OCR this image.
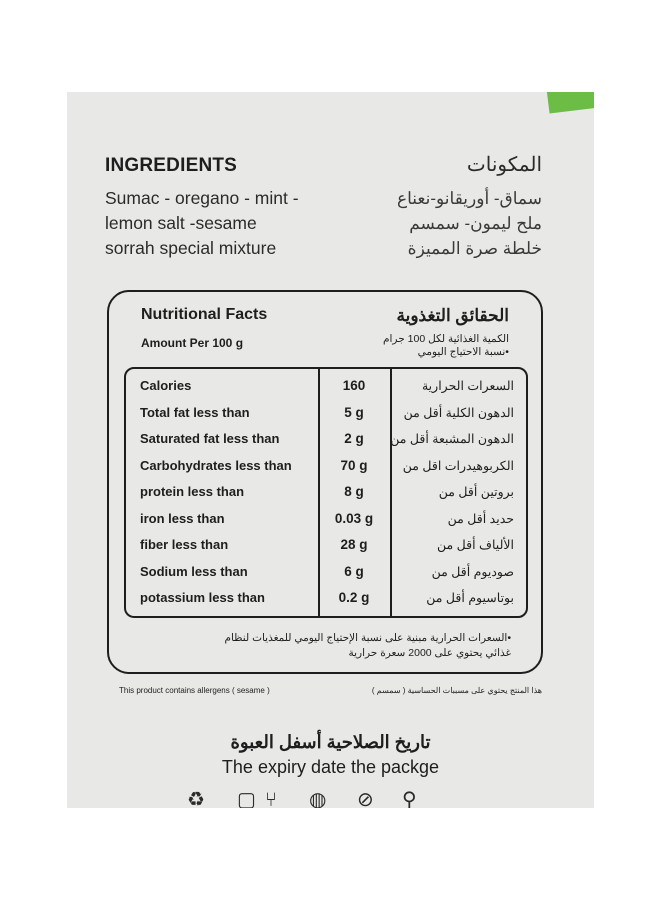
INGREDIENTS	المكونات
Sumac - oregano - mint -
lemon salt -sesame
sorrah special mixture
سماق- أوريقانو-نعناع
ملح ليمون- سمسم
خلطة صرة المميزة
Nutritional Facts	الحقائق التغذوية
Amount Per 100 g	الكمية الغذائية لكل 100 جرام
•نسبة الاحتياج اليومي
Calories	160	السعرات الحرارية
Total fat less than	5 g	الدهون الكلية أقل من
Saturated fat less than	2 g	الدهون المشبعة أقل من
Carbohydrates less than	70 g	الكربوهيدرات اقل من
protein less than	8 g	بروتين أقل من
iron less than	0.03 g	حديد أقل من
fiber less than	28 g	الألياف أقل من
Sodium less than	6 g	صوديوم أقل من
potassium less than	0.2 g	بوتاسيوم أقل من
•السعرات الحرارية مبنية على نسبة الإحتياج اليومي للمغذيات لنظام
غذائي يحتوي على 2000 سعرة حرارية
This product contains allergens ( sesame )	هذا المنتج يحتوي على مسببات الحساسية ( سمسم )
تاريخ الصلاحية أسفل العبوة
The expiry date the packge
♻ ▢ ⑂ ◍ ⊘ ⚲
